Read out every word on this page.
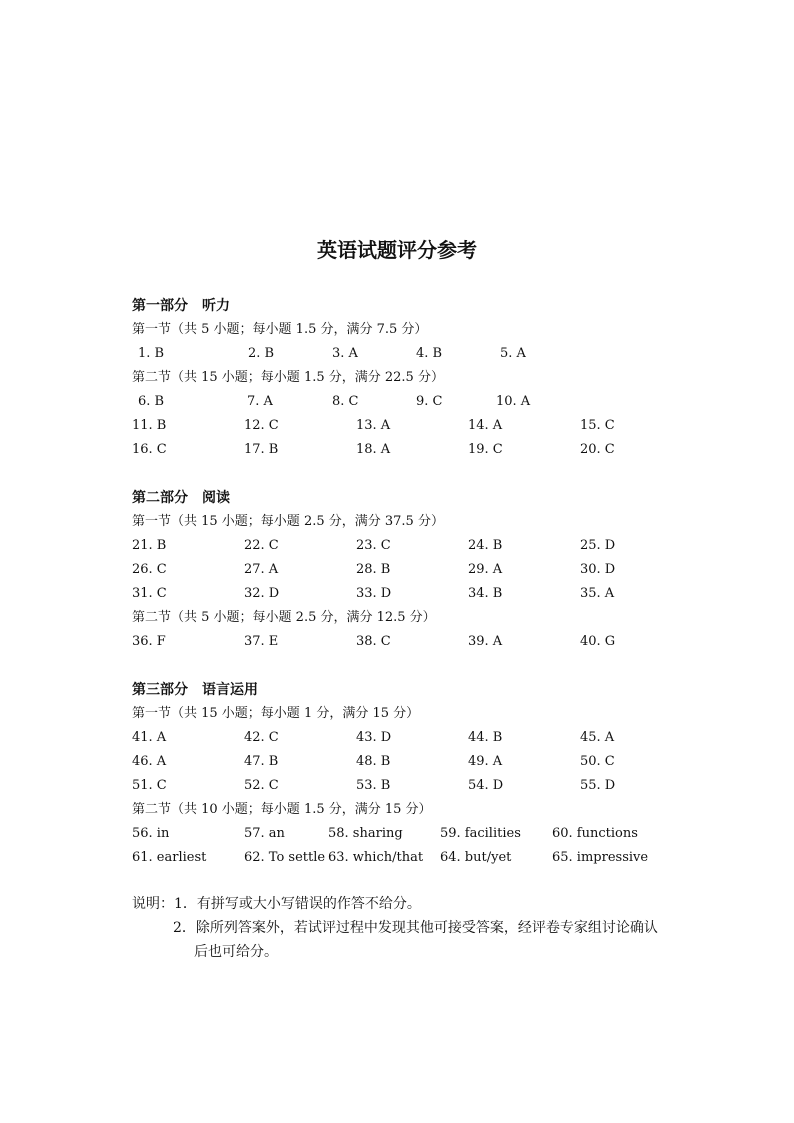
英语试题评分参考
第一部分　听力
第一节（共 5 小题；每小题 1.5 分，满分 7.5 分）
1. B	2. B	3. A	4. B	5. A
第二节（共 15 小题；每小题 1.5 分，满分 22.5 分）
6. B	7. A	8. C	9. C	10. A
11. B	12. C	13. A	14. A	15. C
16. C	17. B	18. A	19. C	20. C
第二部分　阅读
第一节（共 15 小题；每小题 2.5 分，满分 37.5 分）
21. B	22. C	23. C	24. B	25. D
26. C	27. A	28. B	29. A	30. D
31. C	32. D	33. D	34. B	35. A
第二节（共 5 小题；每小题 2.5 分，满分 12.5 分）
36. F	37. E	38. C	39. A	40. G
第三部分　语言运用
第一节（共 15 小题；每小题 1 分，满分 15 分）
41. A	42. C	43. D	44. B	45. A
46. A	47. B	48. B	49. A	50. C
51. C	52. C	53. B	54. D	55. D
第二节（共 10 小题；每小题 1.5 分，满分 15 分）
56. in	57. an	58. sharing	59. facilities 60. functions
61. earliest	62. To settle 63. which/that 64. but/yet	65. impressive
说明：1．有拼写或大小写错误的作答不给分。
2．除所列答案外，若试评过程中发现其他可接受答案，经评卷专家组讨论确认
后也可给分。
